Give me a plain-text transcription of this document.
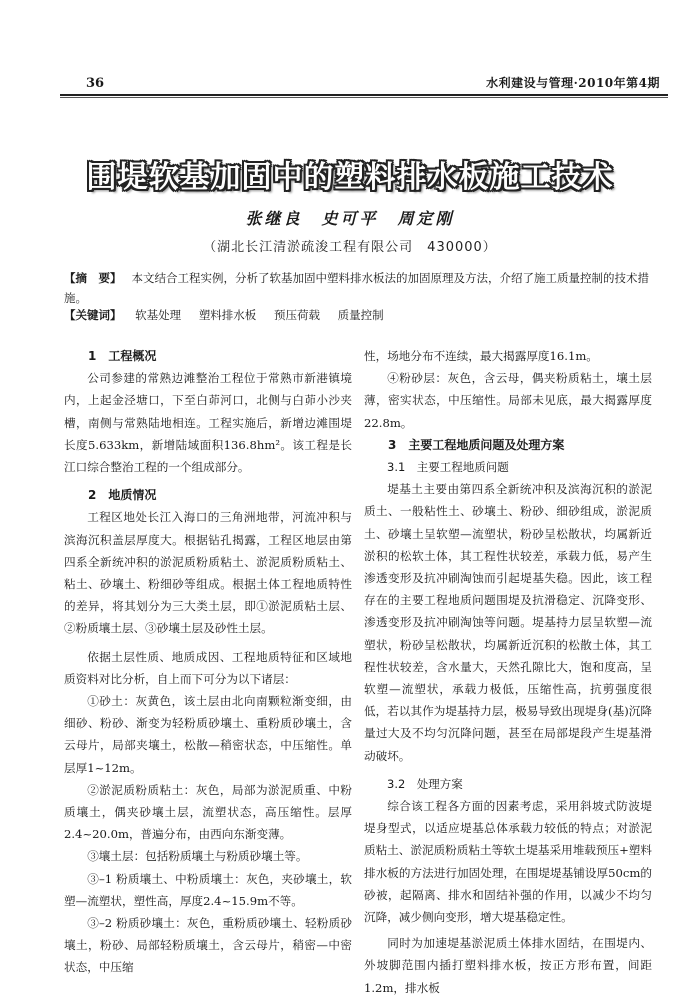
36	水利建设与管理·2010年第4期
围堤软基加固中的塑料排水板施工技术
张继良　史可平　周定刚
（湖北长江清淤疏浚工程有限公司　430000）
【摘　要】 本文结合工程实例，分析了软基加固中塑料排水板法的加固原理及方法，介绍了施工质量控制的技术措施。
【关键词】 软基处理 塑料排水板 预压荷载 质量控制

1　工程概况

公司参建的常熟边滩整治工程位于常熟市新港镇境内，上起金泾塘口，下至白茆河口，北侧与白茆小沙夹槽，南侧与常熟陆地相连。工程实施后，新增边滩围堤长度5.633km，新增陆域面积136.8hm²。该工程是长江口综合整治工程的一个组成部分。

2　地质情况

工程区地处长江入海口的三角洲地带，河流冲积与滨海沉积盖层厚度大。根据钻孔揭露，工程区地层由第四系全新统冲积的淤泥质粉质粘土、淤泥质粉质粘土、粘土、砂壤土、粉细砂等组成。根据土体工程地质特性的差异，将其划分为三大类土层，即①淤泥质粘土层、②粉质壤土层、③砂壤土层及砂性土层。

依据土层性质、地质成因、工程地质特征和区域地质资料对比分析，自上而下可分为以下诸层：

①砂土：灰黄色，该土层由北向南颗粒渐变细，由细砂、粉砂、渐变为轻粉质砂壤土、重粉质砂壤土，含云母片，局部夹壤土，松散—稍密状态，中压缩性。单层厚1~12m。

②淤泥质粉质粘土：灰色，局部为淤泥质重、中粉质壤土，偶夹砂壤土层，流塑状态，高压缩性。层厚2.4~20.0m，普遍分布，由西向东渐变薄。

③壤土层：包括粉质壤土与粉质砂壤土等。

③–1 粉质壤土、中粉质壤土：灰色，夹砂壤土，软塑—流塑状，塑性高，厚度2.4~15.9m不等。

③–2 粉质砂壤土：灰色，重粉质砂壤土、轻粉质砂壤土，粉砂、局部轻粉质壤土，含云母片，稍密—中密状态，中压缩

性，场地分布不连续，最大揭露厚度16.1m。

④粉砂层：灰色，含云母，偶夹粉质粘土，壤土层薄，密实状态，中压缩性。局部未见底，最大揭露厚度22.8m。

3　主要工程地质问题及处理方案

3.1　主要工程地质问题

堤基土主要由第四系全新统冲积及滨海沉积的淤泥质土、一般粘性土、砂壤土、粉砂、细砂组成，淤泥质土、砂壤土呈软塑—流塑状，粉砂呈松散状，均属新近淤积的松软土体，其工程性状较差，承载力低，易产生渗透变形及抗冲刷淘蚀而引起堤基失稳。因此，该工程存在的主要工程地质问题围堤及抗滑稳定、沉降变形、渗透变形及抗冲刷淘蚀等问题。堤基持力层呈软塑—流塑状，粉砂呈松散状，均属新近沉积的松散土体，其工程性状较差，含水量大，天然孔隙比大，饱和度高，呈软塑—流塑状，承载力极低，压缩性高，抗剪强度很低，若以其作为堤基持力层，极易导致出现堤身(基)沉降量过大及不均匀沉降问题，甚至在局部堤段产生堤基滑动破坏。

3.2　处理方案

综合该工程各方面的因素考虑，采用斜坡式防波堤堤身型式，以适应堤基总体承载力较低的特点；对淤泥质粘土、淤泥质粉质粘土等软土堤基采用堆载预压+塑料排水板的方法进行加固处理，在围堤堤基铺设厚50cm的砂被，起隔离、排水和固结补强的作用，以减少不均匀沉降，减少侧向变形，增大堤基稳定性。

同时为加速堤基淤泥质土体排水固结，在围堤内、外坡脚范围内插打塑料排水板，按正方形布置，间距1.2m，排水板
